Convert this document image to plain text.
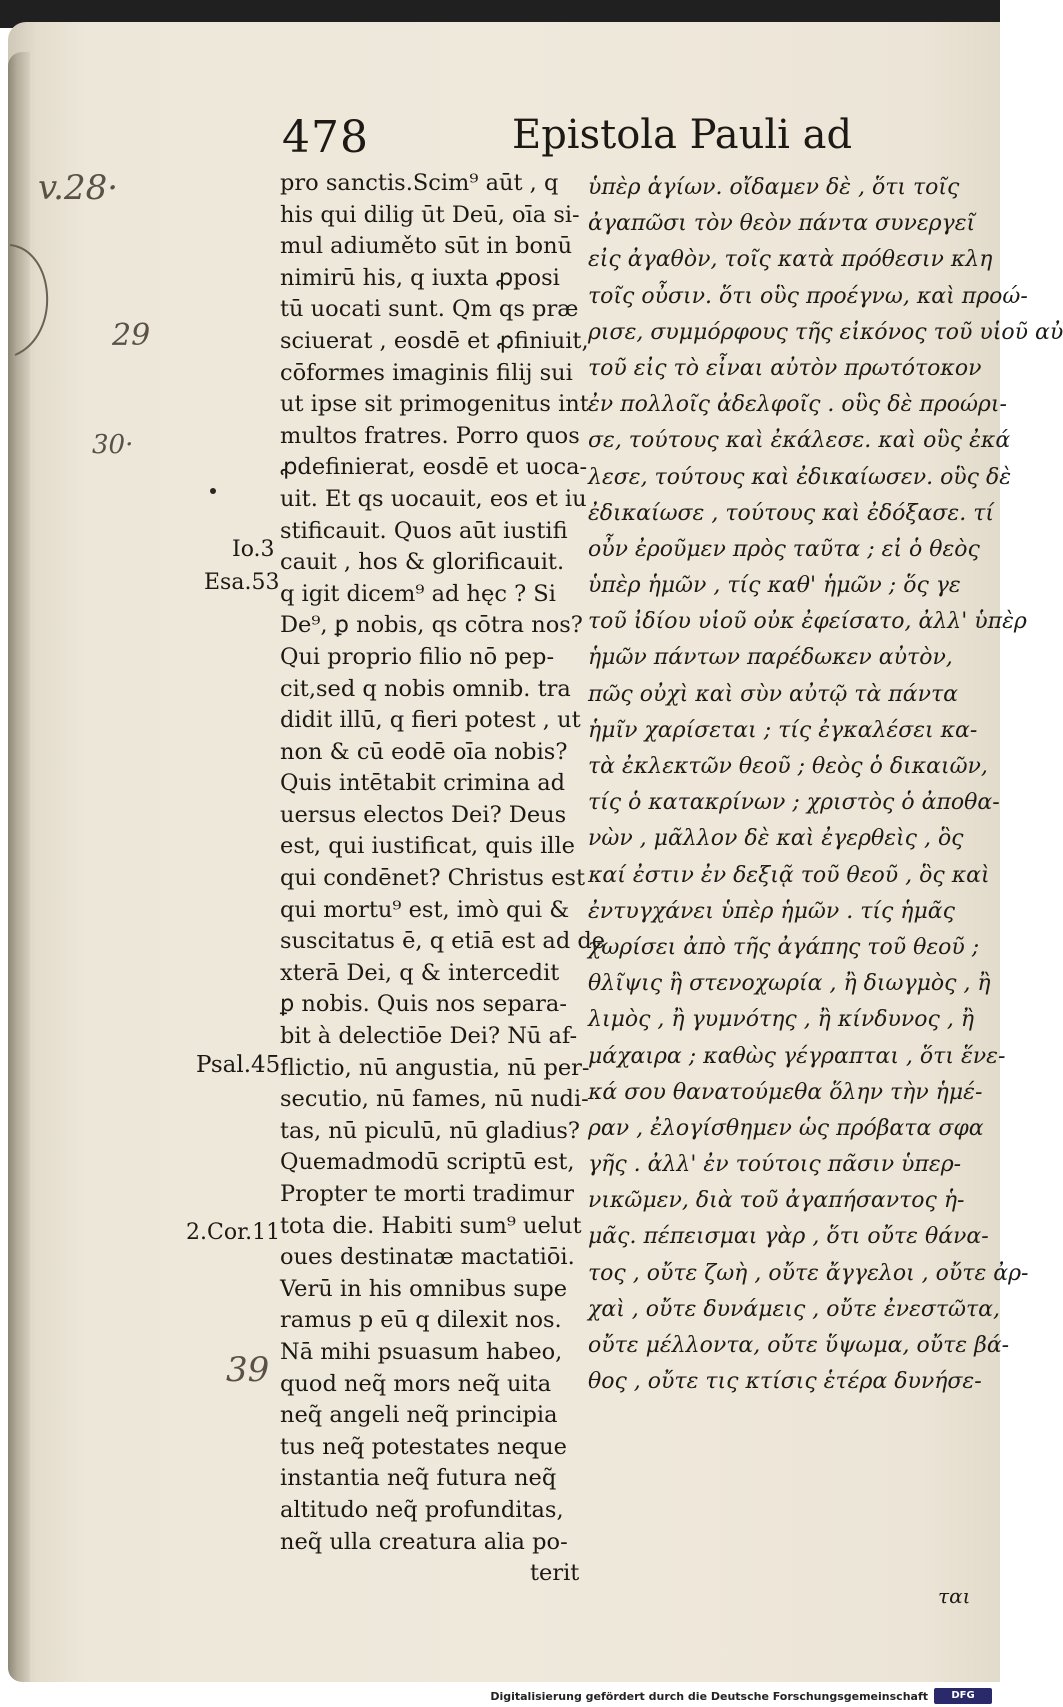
478	Epistola Pauli ad
v.28·
29
30·
39
Io.3
Esa.53
Psal.45
2.Cor.11
pro sanctis.Scim⁹ aūt , q
his qui dilig ūt Deū, oīa si-
mul adiuměto sūt in bonū
nimirū his, q iuxta ꝓposi
tū uocati sunt. Qm qs præ
sciuerat , eosdē et ꝓfiniuit,
cōformes imaginis filij sui
ut ipse sit primogenitus int
multos fratres. Porro quos
ꝓdefinierat, eosdē et uoca-
uit. Et qs uocauit, eos et iu
stificauit. Quos aūt iustifi
cauit , hos & glorificauit.
q igit dicem⁹ ad hęc ? Si
De⁹, ꝑ nobis, qs cōtra nos?
Qui proprio filio nō pep-
cit,sed q nobis omnib. tra
didit illū, q fieri potest , ut
non & cū eodē oīa nobis?
Quis intētabit crimina ad
uersus electos Dei? Deus
est, qui iustificat, quis ille
qui condēnet? Christus est
qui mortu⁹ est, imò qui &
suscitatus ē, q etiā est ad de
xterā Dei, q & intercedit
ꝑ nobis. Quis nos separa-
bit à delectiōe Dei? Nū af-
flictio, nū angustia, nū per-
secutio, nū fames, nū nudi-
tas, nū piculū, nū gladius?
Quemadmodū scriptū est,
Propter te morti tradimur
tota die. Habiti sum⁹ uelut
oues destinatæ mactatiōi.
Verū in his omnibus supe
ramus p eū q dilexit nos.
Nā mihi psuasum habeo,
quod neq̃ mors neq̃ uita
neq̃ angeli neq̃ principia
tus neq̃ potestates neque
instantia neq̃ futura neq̃
altitudo neq̃ profunditas,
neq̃ ulla creatura alia po-
terit
ὑπὲρ ἁγίων. οἴδαμεν δὲ , ὅτι τοῖς
ἀγαπῶσι τὸν θεὸν πάντα συνεργεῖ
εἰς ἀγαθὸν, τοῖς κατὰ πρόθεσιν κλη
τοῖς οὖσιν. ὅτι οὓς προέγνω, καὶ προώ-
ρισε, συμμόρφους τῆς εἰκόνος τοῦ υἱοῦ αὐ
τοῦ εἰς τὸ εἶναι αὐτὸν πρωτότοκον
ἐν πολλοῖς ἀδελφοῖς . οὓς δὲ προώρι-
σε, τούτους καὶ ἐκάλεσε. καὶ οὓς ἐκά
λεσε, τούτους καὶ ἐδικαίωσεν. οὓς δὲ
ἐδικαίωσε , τούτους καὶ ἐδόξασε. τί
οὖν ἐροῦμεν πρὸς ταῦτα ; εἰ ὁ θεὸς
ὑπὲρ ἡμῶν , τίς καθ' ἡμῶν ; ὅς γε
τοῦ ἰδίου υἱοῦ οὐκ ἐφείσατο, ἀλλ' ὑπὲρ
ἡμῶν πάντων παρέδωκεν αὐτὸν,
πῶς οὐχὶ καὶ σὺν αὐτῷ τὰ πάντα
ἡμῖν χαρίσεται ; τίς ἐγκαλέσει κα-
τὰ ἐκλεκτῶν θεοῦ ; θεὸς ὁ δικαιῶν,
τίς ὁ κατακρίνων ; χριστὸς ὁ ἀποθα-
νὼν , μᾶλλον δὲ καὶ ἐγερθεὶς , ὃς
καί ἐστιν ἐν δεξιᾷ τοῦ θεοῦ , ὃς καὶ
ἐντυγχάνει ὑπὲρ ἡμῶν . τίς ἡμᾶς
χωρίσει ἀπὸ τῆς ἀγάπης τοῦ θεοῦ ;
θλῖψις ἢ στενοχωρία , ἢ διωγμὸς , ἢ
λιμὸς , ἢ γυμνότης , ἢ κίνδυνος , ἢ
μάχαιρα ; καθὼς γέγραπται , ὅτι ἕνε-
κά σου θανατούμεθα ὅλην τὴν ἡμέ-
ραν , ἐλογίσθημεν ὡς πρόβατα σφα
γῆς . ἀλλ' ἐν τούτοις πᾶσιν ὑπερ-
νικῶμεν, διὰ τοῦ ἀγαπήσαντος ἡ-
μᾶς. πέπεισμαι γὰρ , ὅτι οὔτε θάνα-
τος , οὔτε ζωὴ , οὔτε ἄγγελοι , οὔτε ἀρ-
χαὶ , οὔτε δυνάμεις , οὔτε ἐνεστῶτα,
οὔτε μέλλοντα, οὔτε ὕψωμα, οὔτε βά-
θος , οὔτε τις κτίσις ἑτέρα δυνήσε-
ται
Digitalisierung gefördert durch die Deutsche Forschungsgemeinschaft	DFG
